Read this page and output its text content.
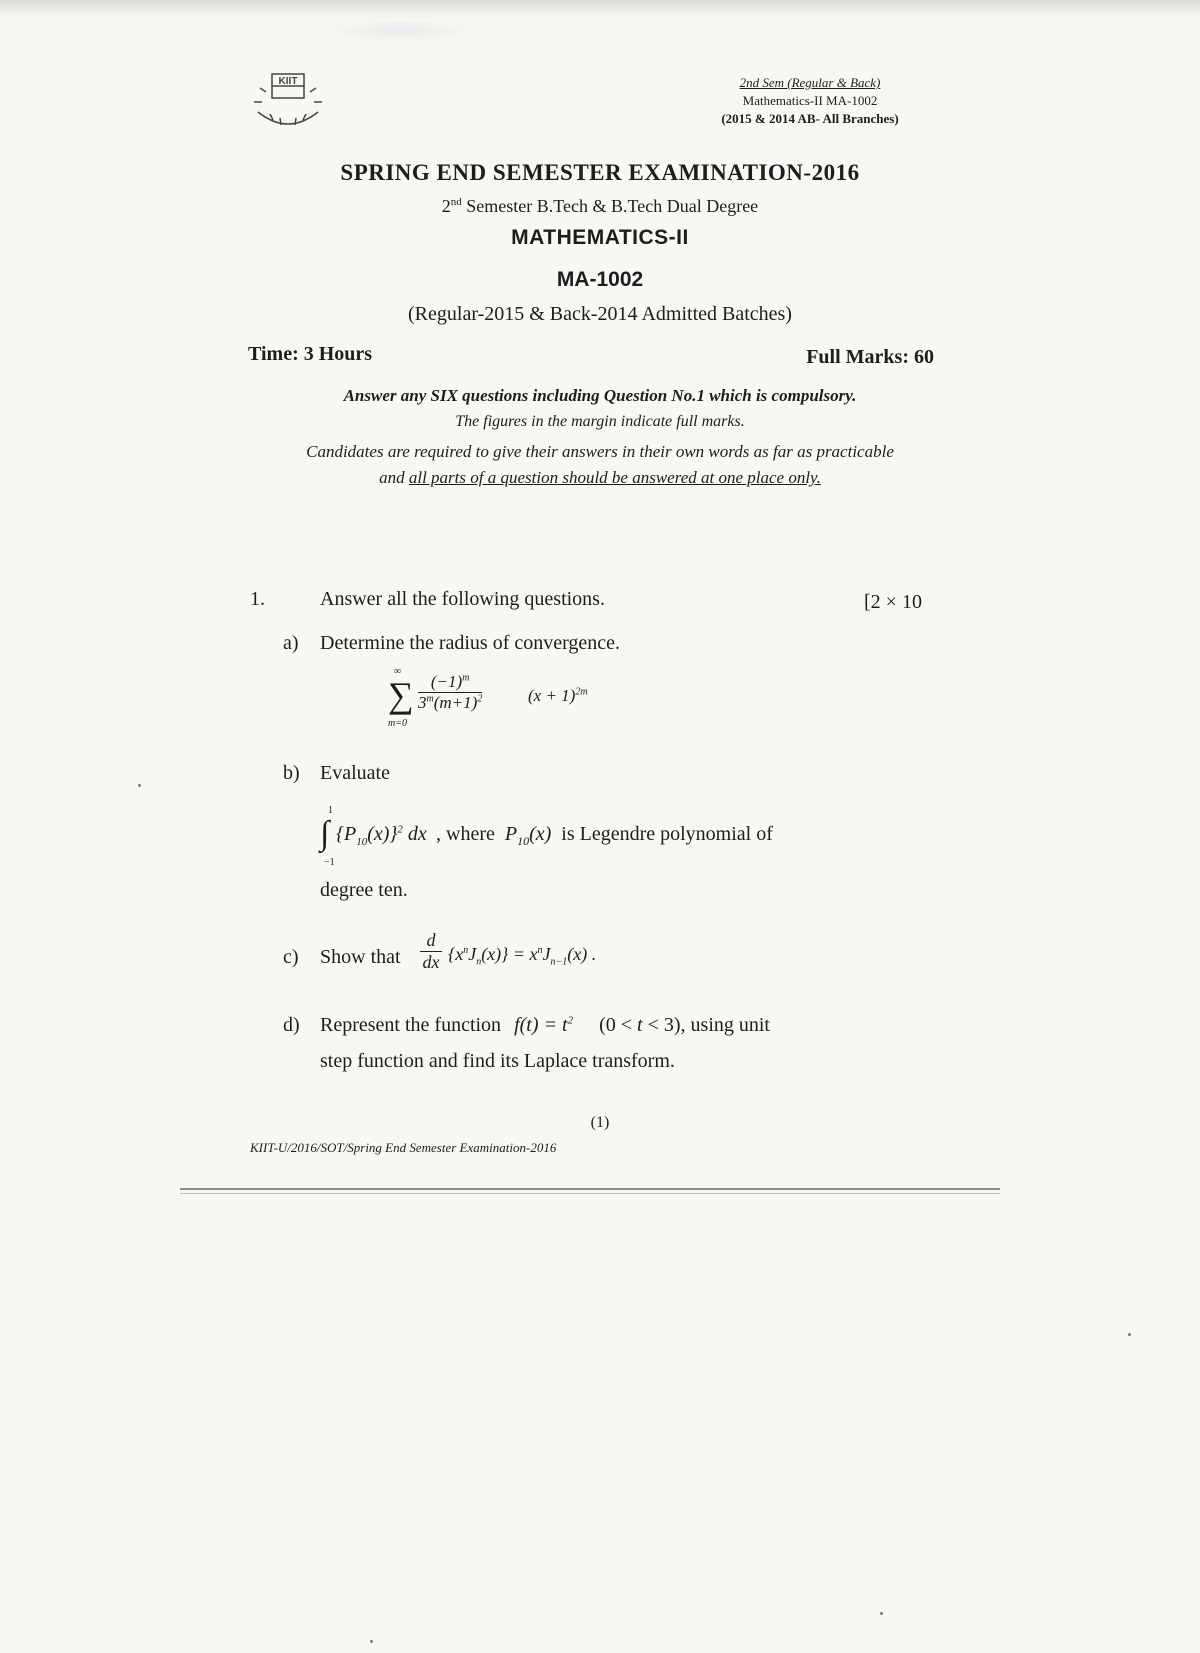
KIIT	2nd Sem (Regular & Back)
Mathematics-II MA-1002
(2015 & 2014 AB- All Branches)
SPRING END SEMESTER EXAMINATION-2016
2nd Semester B.Tech & B.Tech Dual Degree
MATHEMATICS-II
MA-1002
(Regular-2015 & Back-2014 Admitted Batches)
Time: 3 Hours	Full Marks: 60
Answer any SIX questions including Question No.1 which is compulsory.
The figures in the margin indicate full marks.
Candidates are required to give their answers in their own words as far as practicable
and all parts of a question should be answered at one place only.
1.	Answer all the following questions.	[2 × 10
a) Determine the radius of convergence.
∑
∞
m=0
$\frac{(-1)^m}{3^m(m+1)^2}$	$(x + 1)^{2m}$
b) Evaluate
1
∫
−1
$\{P_{10}(x)\}^2$ dx , where $P_{10}(x)$ is Legendre polynomial of
degree ten.
c) Show that
d
dx $\{x^nJ_n(x)\} = x^nJ_{n-1}(x)$ .
d) Represent the function $f(t) = t^2$ (0 < t < 3), using unit
step function and find its Laplace transform.
(1)
KIIT-U/2016/SOT/Spring End Semester Examination-2016
